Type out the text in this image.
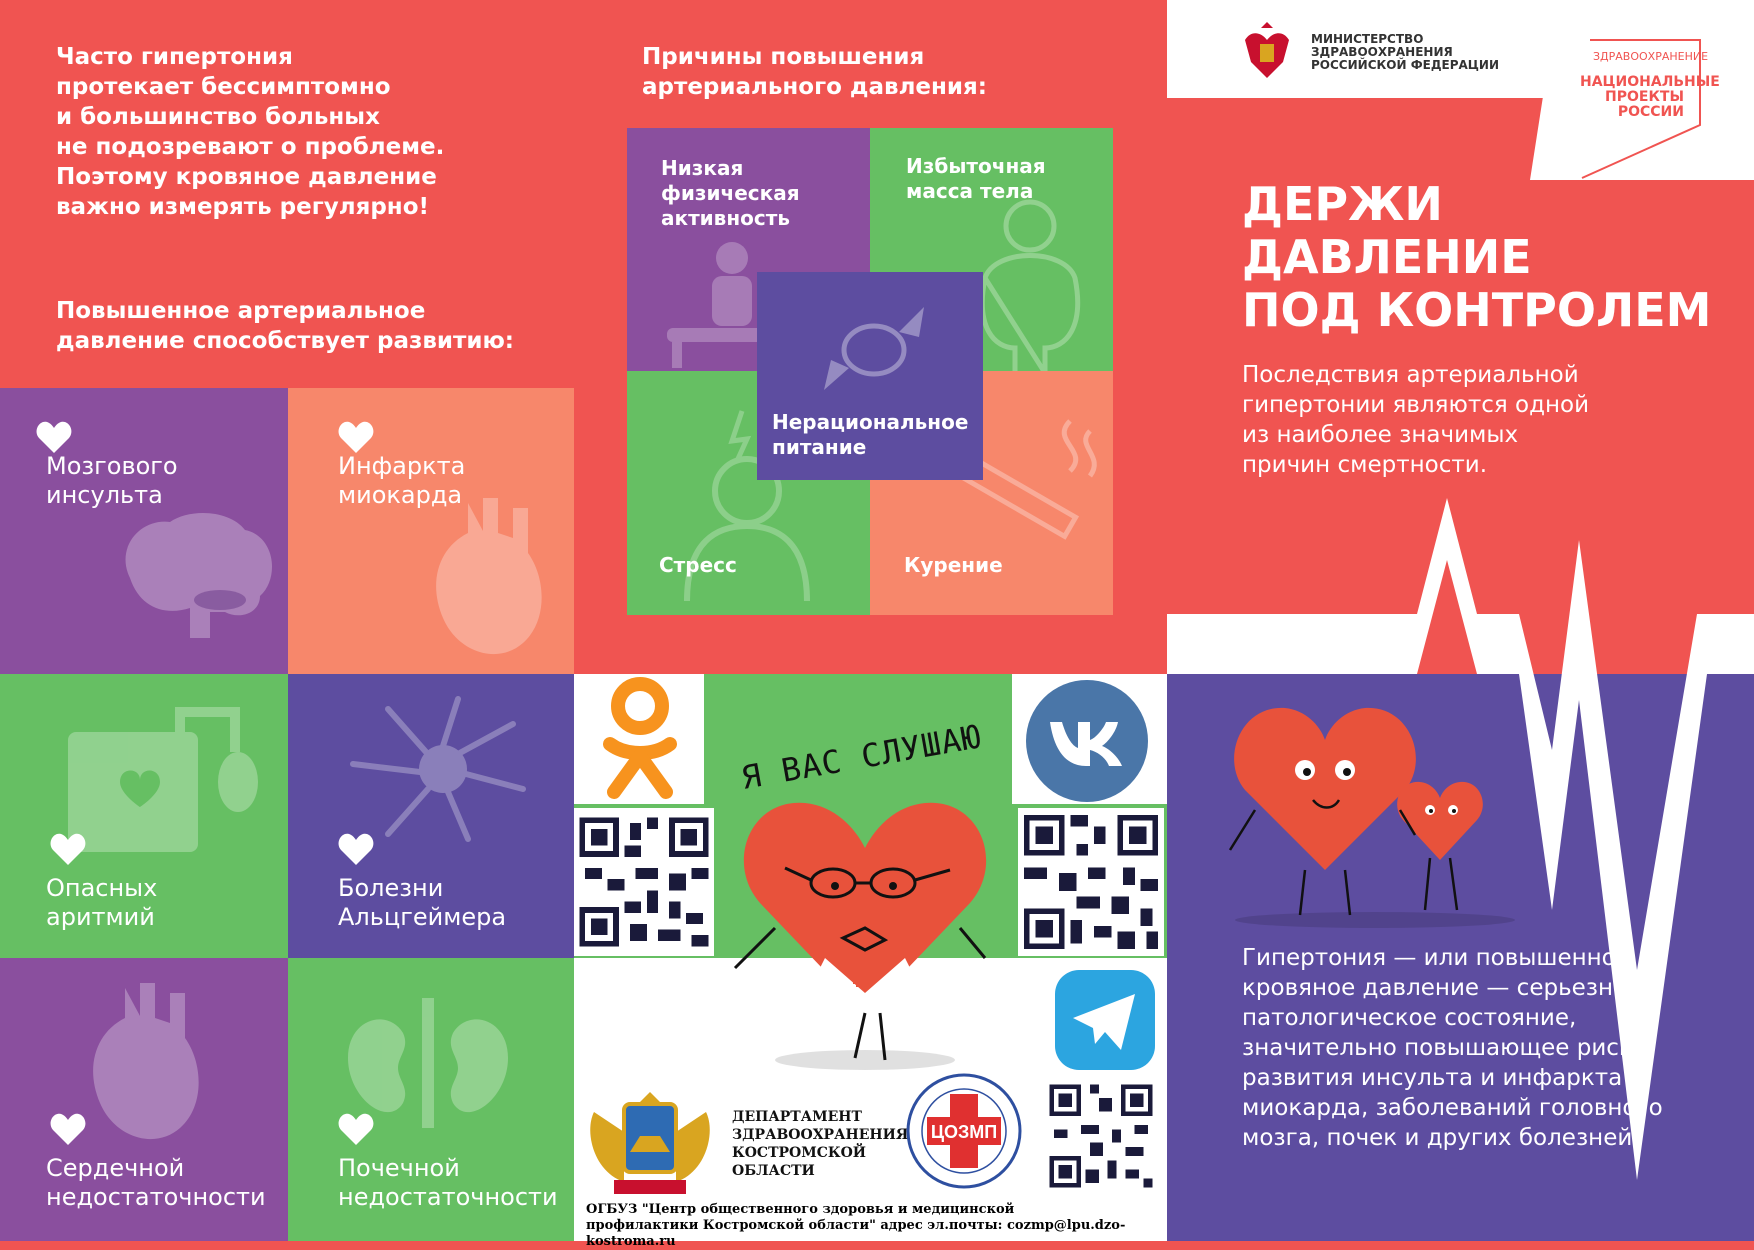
Часто гипертония
протекает бессимптомно
и большинство больных
не подозревают о проблеме.
Поэтому кровяное давление
важно измерять регулярно!
Повышенное артериальное
давление способствует развитию:
Причины повышения
артериального давления:
Мозгового
инсульта
Инфаркта
миокарда
Опасных
аритмий
Болезни
Альцгеймера
Сердечной
недостаточности
Почечной
недостаточности
Низкая
физическая
активность
Избыточная
масса тела
Стресс	Курение
Нерациональное
питание
Я ВАС СЛУШАЮ
ДЕПАРТАМЕНТ
ЗДРАВООХРАНЕНИЯ
КОСТРОМСКОЙ ОБЛАСТИ
ЦОЗМП
ОГБУЗ "Центр общественного здоровья и медицинской
профилактики Костромской области" адрес эл.почты: cozmp@lpu.dzo-kostroma.ru
МИНИСТЕРСТВО
ЗДРАВООХРАНЕНИЯ
РОССИЙСКОЙ ФЕДЕРАЦИИ
ЗДРАВООХРАНЕНИЕ
НАЦИОНАЛЬНЫЕ
ПРОЕКТЫ
РОССИИ
ДЕРЖИ
ДАВЛЕНИЕ
ПОД КОНТРОЛЕМ
Последствия артериальной
гипертонии являются одной
из наиболее значимых
причин смертности.
Гипертония — или повышенное
кровяное давление — серьезное
патологическое состояние,
значительно повышающее риск
развития инсульта и инфаркта
миокарда, заболеваний головного
мозга, почек и других болезней.
